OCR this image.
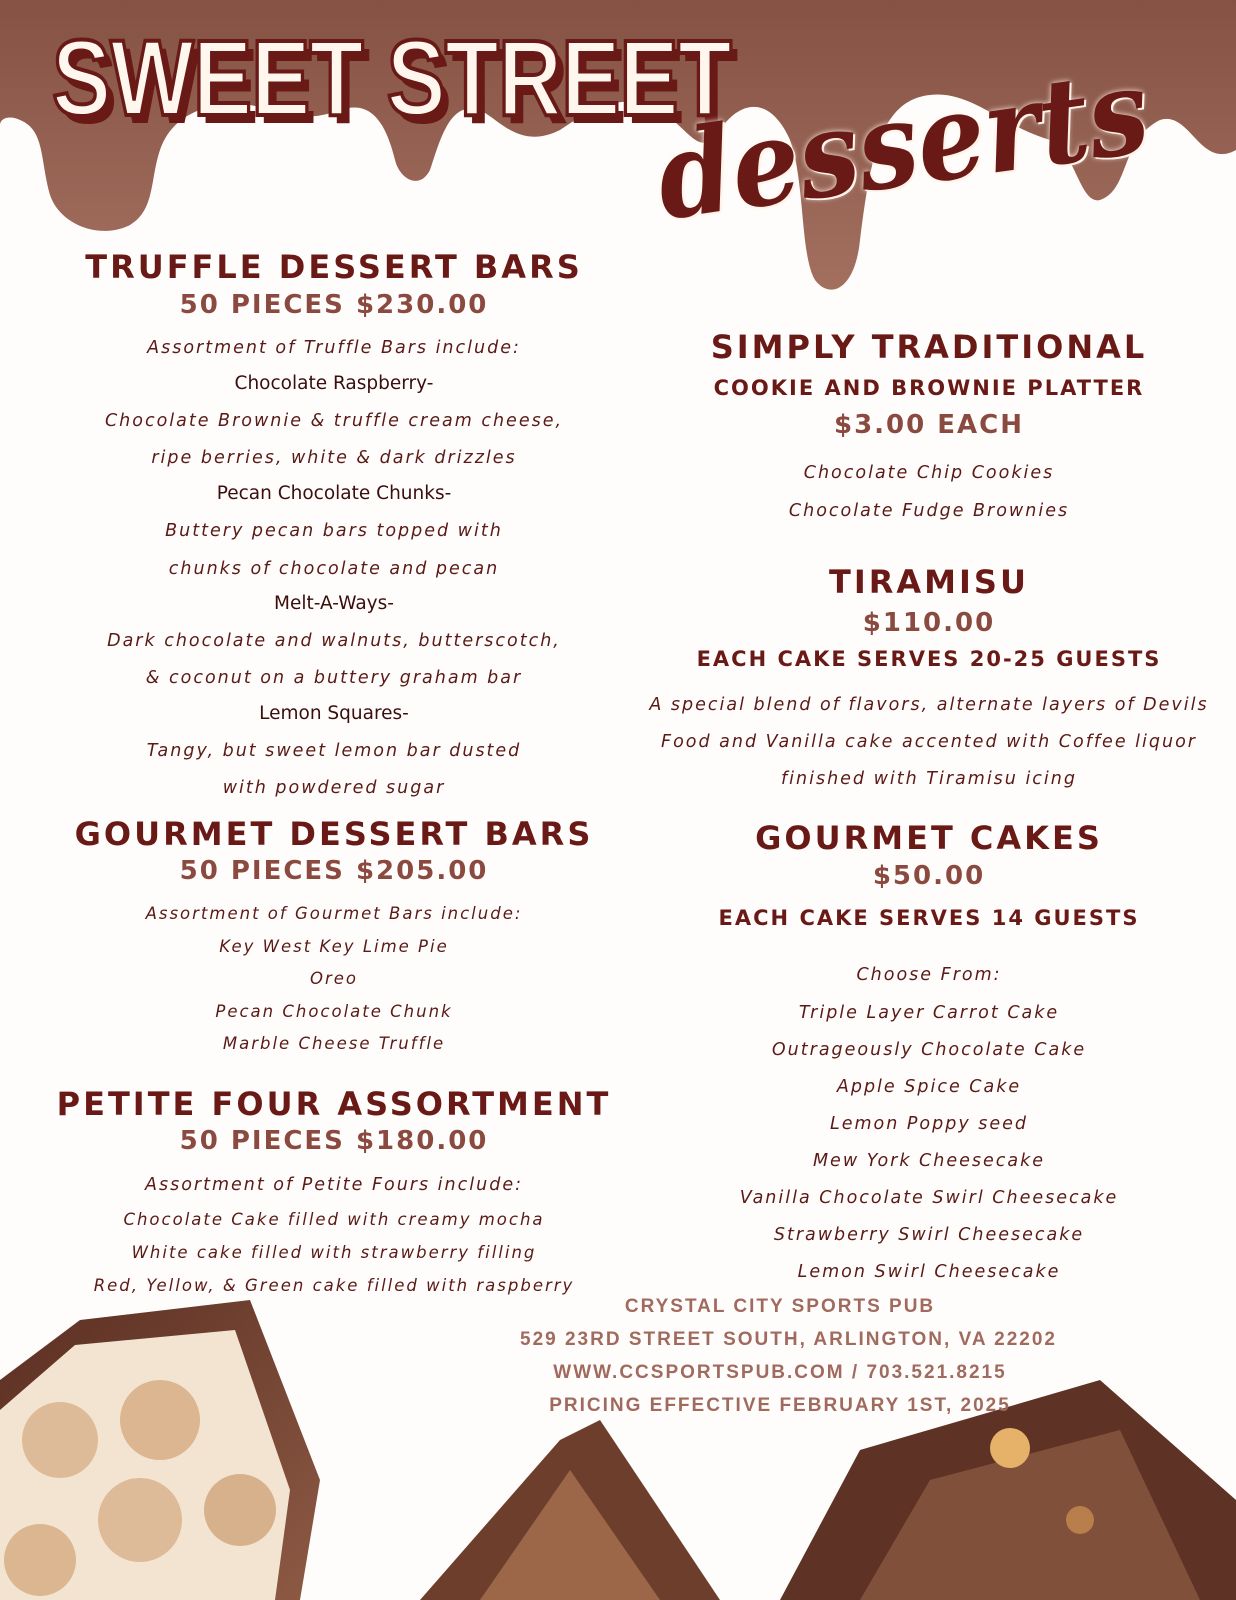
SWEET STREET
desserts
TRUFFLE DESSERT BARS
50 PIECES $230.00
Assortment of Truffle Bars include:
Chocolate Raspberry-
Chocolate Brownie & truffle cream cheese,
ripe berries, white & dark drizzles
Pecan Chocolate Chunks-
Buttery pecan bars topped with
chunks of chocolate and pecan
Melt-A-Ways-
Dark chocolate and walnuts, butterscotch,
& coconut on a buttery graham bar
Lemon Squares-
Tangy, but sweet lemon bar dusted
with powdered sugar
GOURMET DESSERT BARS
50 PIECES $205.00
Assortment of Gourmet Bars include:
Key West Key Lime Pie
Oreo
Pecan Chocolate Chunk
Marble Cheese Truffle
PETITE FOUR ASSORTMENT
50 PIECES $180.00
Assortment of Petite Fours include:
Chocolate Cake filled with creamy mocha
White cake filled with strawberry filling
Red, Yellow, & Green cake filled with raspberry
SIMPLY TRADITIONAL
COOKIE AND BROWNIE PLATTER
$3.00 EACH
Chocolate Chip Cookies
Chocolate Fudge Brownies
TIRAMISU
$110.00
EACH CAKE SERVES 20-25 GUESTS
A special blend of flavors, alternate layers of Devils
Food and Vanilla cake accented with Coffee liquor
finished with Tiramisu icing
GOURMET CAKES
$50.00
EACH CAKE SERVES 14 GUESTS
Choose From:
Triple Layer Carrot Cake
Outrageously Chocolate Cake
Apple Spice Cake
Lemon Poppy seed
Mew York Cheesecake
Vanilla Chocolate Swirl Cheesecake
Strawberry Swirl Cheesecake
Lemon Swirl Cheesecake
CRYSTAL CITY SPORTS PUB
529 23RD STREET SOUTH, ARLINGTON, VA 22202
WWW.CCSPORTSPUB.COM / 703.521.8215
PRICING EFFECTIVE FEBRUARY 1ST, 2025
